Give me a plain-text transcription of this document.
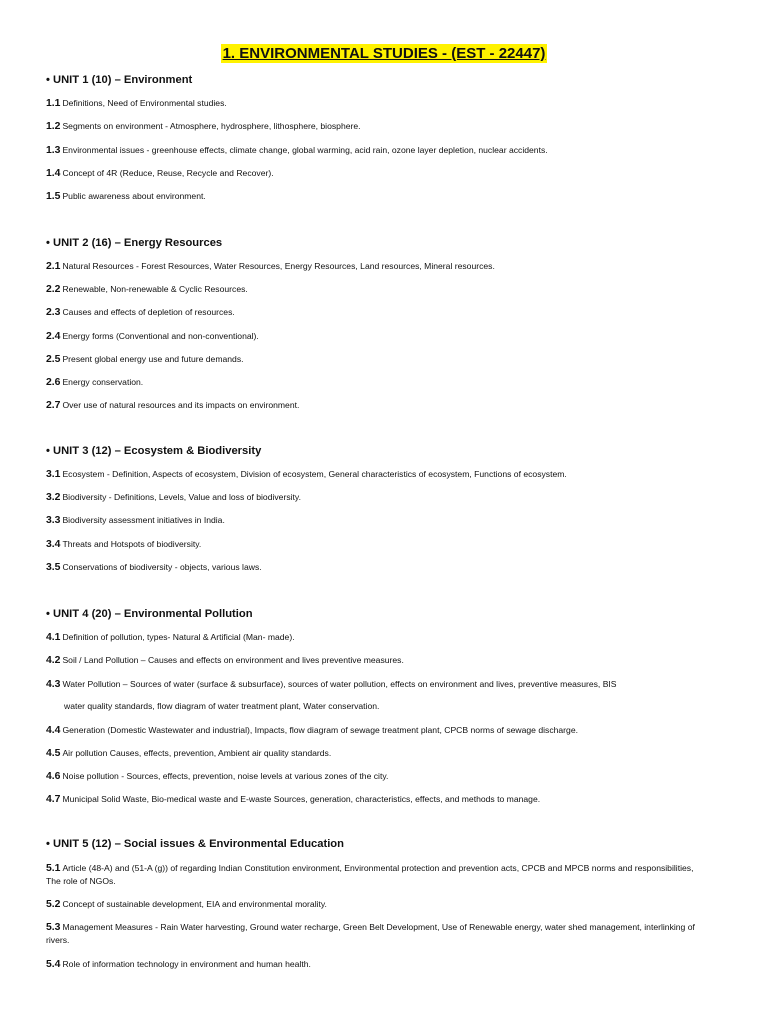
1. ENVIRONMENTAL STUDIES - (EST - 22447)
• UNIT 1 (10) – Environment
1.1 Definitions, Need of Environmental studies.
1.2 Segments on environment - Atmosphere, hydrosphere, lithosphere, biosphere.
1.3 Environmental issues - greenhouse effects, climate change, global warming, acid rain, ozone layer depletion, nuclear accidents.
1.4 Concept of 4R (Reduce, Reuse, Recycle and Recover).
1.5 Public awareness about environment.
• UNIT 2 (16) – Energy Resources
2.1 Natural Resources - Forest Resources, Water Resources, Energy Resources, Land resources, Mineral resources.
2.2 Renewable, Non-renewable & Cyclic Resources.
2.3 Causes and effects of depletion of resources.
2.4 Energy forms (Conventional and non-conventional).
2.5 Present global energy use and future demands.
2.6 Energy conservation.
2.7 Over use of natural resources and its impacts on environment.
• UNIT 3 (12) – Ecosystem & Biodiversity
3.1 Ecosystem - Definition, Aspects of ecosystem, Division of ecosystem, General characteristics of ecosystem, Functions of ecosystem.
3.2 Biodiversity - Definitions, Levels, Value and loss of biodiversity.
3.3 Biodiversity assessment initiatives in India.
3.4 Threats and Hotspots of biodiversity.
3.5 Conservations of biodiversity - objects, various laws.
• UNIT 4 (20) – Environmental Pollution
4.1 Definition of pollution, types- Natural & Artificial (Man- made).
4.2 Soil / Land Pollution – Causes and effects on environment and lives preventive measures.
4.3 Water Pollution – Sources of water (surface & subsurface), sources of water pollution, effects on environment and lives, preventive measures, BIS
water quality standards, flow diagram of water treatment plant, Water conservation.
4.4 Generation (Domestic Wastewater and industrial), Impacts, flow diagram of sewage treatment plant, CPCB norms of sewage discharge.
4.5 Air pollution Causes, effects, prevention, Ambient air quality standards.
4.6 Noise pollution - Sources, effects, prevention, noise levels at various zones of the city.
4.7 Municipal Solid Waste, Bio-medical waste and E-waste Sources, generation, characteristics, effects, and methods to manage.
• UNIT 5 (12) – Social issues & Environmental Education
5.1 Article (48-A) and (51-A (g)) of regarding Indian Constitution environment, Environmental protection and prevention acts, CPCB and MPCB norms and responsibilities, The role of NGOs.
5.2 Concept of sustainable development, EIA and environmental morality.
5.3 Management Measures - Rain Water harvesting, Ground water recharge, Green Belt Development, Use of Renewable energy, water shed management, interlinking of rivers.
5.4 Role of information technology in environment and human health.
